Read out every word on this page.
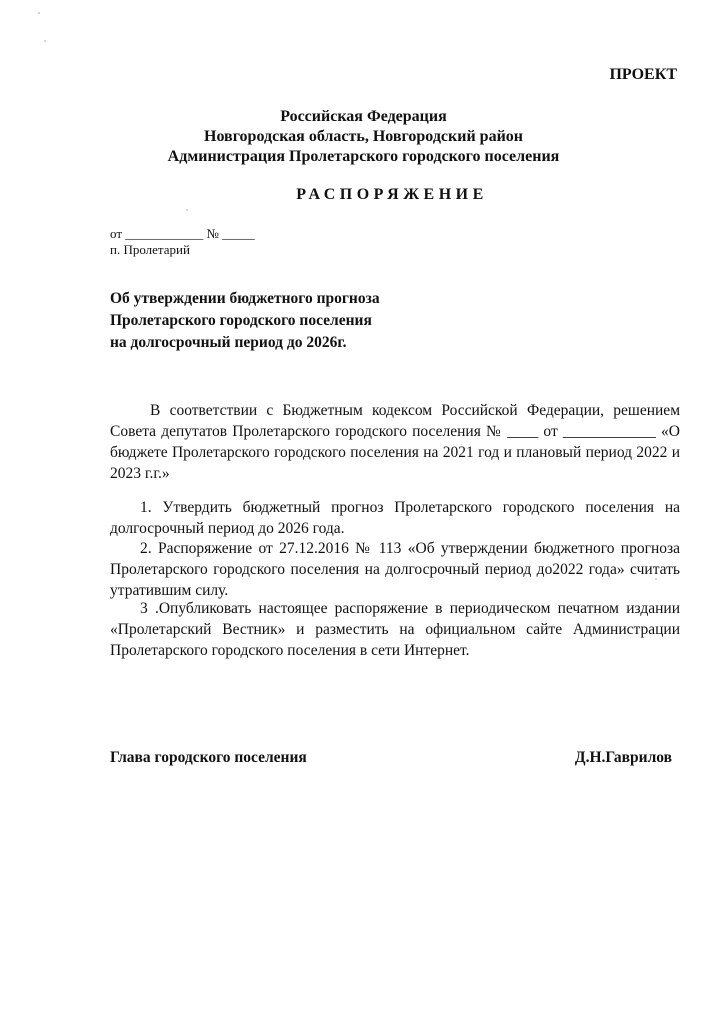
ПРОЕКТ
Российская Федерация
Новгородская область, Новгородский район
Администрация Пролетарского городского поселения
РАСПОРЯЖЕНИЕ
от ____________ № _____
п. Пролетарий
Об утверждении бюджетного прогноза
Пролетарского городского поселения
на долгосрочный период до 2026г.
В соответствии с Бюджетным кодексом Российской Федерации, решением Совета депутатов Пролетарского городского поселения № ____ от ____________ «О бюджете Пролетарского городского поселения на 2021 год и плановый период 2022 и 2023 г.г.»
1. Утвердить бюджетный прогноз Пролетарского городского поселения на долгосрочный период до 2026 года.
2. Распоряжение от 27.12.2016 № 113 «Об утверждении бюджетного прогноза Пролетарского городского поселения на долгосрочный период до2022 года» считать утратившим силу.
3 .Опубликовать настоящее распоряжение в периодическом печатном издании «Пролетарский Вестник» и разместить на официальном сайте Администрации Пролетарского городского поселения в сети Интернет.
Глава городского поселения	Д.Н.Гаврилов
